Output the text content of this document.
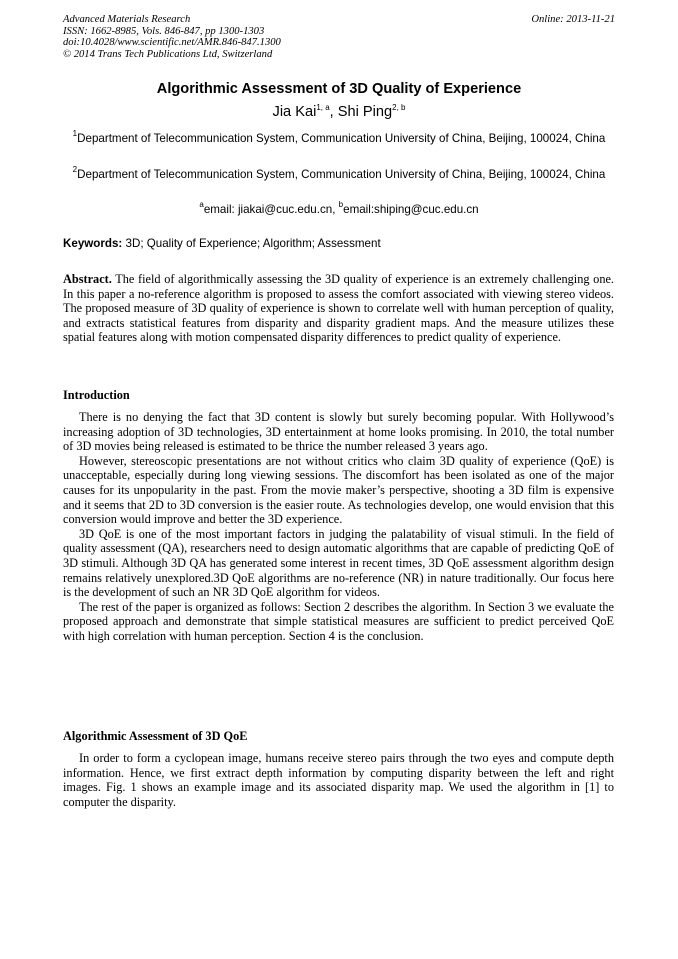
Advanced Materials Research
ISSN: 1662-8985, Vols. 846-847, pp 1300-1303
doi:10.4028/www.scientific.net/AMR.846-847.1300
© 2014 Trans Tech Publications Ltd, Switzerland
Online: 2013-11-21
Algorithmic Assessment of 3D Quality of Experience
Jia Kai$^{1, a}$, Shi Ping$^{2, b}$
$^1$Department of Telecommunication System, Communication University of China, Beijing, 100024, China
$^2$Department of Telecommunication System, Communication University of China, Beijing, 100024, China
$^a$email: jiakai@cuc.edu.cn, $^b$email:shiping@cuc.edu.cn
Keywords: 3D; Quality of Experience; Algorithm; Assessment

Abstract. The field of algorithmically assessing the 3D quality of experience is an extremely challenging one. In this paper a no-reference algorithm is proposed to assess the comfort associated with viewing stereo videos. The proposed measure of 3D quality of experience is shown to correlate well with human perception of quality, and extracts statistical features from disparity and disparity gradient maps. And the measure utilizes these spatial features along with motion compensated disparity differences to predict quality of experience.

Introduction

There is no denying the fact that 3D content is slowly but surely becoming popular. With Hollywood’s increasing adoption of 3D technologies, 3D entertainment at home looks promising. In 2010, the total number of 3D movies being released is estimated to be thrice the number released 3 years ago.

However, stereoscopic presentations are not without critics who claim 3D quality of experience (QoE) is unacceptable, especially during long viewing sessions. The discomfort has been isolated as one of the major causes for its unpopularity in the past. From the movie maker’s perspective, shooting a 3D film is expensive and it seems that 2D to 3D conversion is the easier route. As technologies develop, one would envision that this conversion would improve and better the 3D experience.

3D QoE is one of the most important factors in judging the palatability of visual stimuli. In the field of quality assessment (QA), researchers need to design automatic algorithms that are capable of predicting QoE of 3D stimuli. Although 3D QA has generated some interest in recent times, 3D QoE assessment algorithm design remains relatively unexplored.3D QoE algorithms are no-reference (NR) in nature traditionally. Our focus here is the development of such an NR 3D QoE algorithm for videos.

The rest of the paper is organized as follows: Section 2 describes the algorithm. In Section 3 we evaluate the proposed approach and demonstrate that simple statistical measures are sufficient to predict perceived QoE with high correlation with human perception. Section 4 is the conclusion.

Algorithmic Assessment of 3D QoE

In order to form a cyclopean image, humans receive stereo pairs through the two eyes and compute depth information. Hence, we first extract depth information by computing disparity between the left and right images. Fig. 1 shows an example image and its associated disparity map. We used the algorithm in [1] to computer the disparity.
